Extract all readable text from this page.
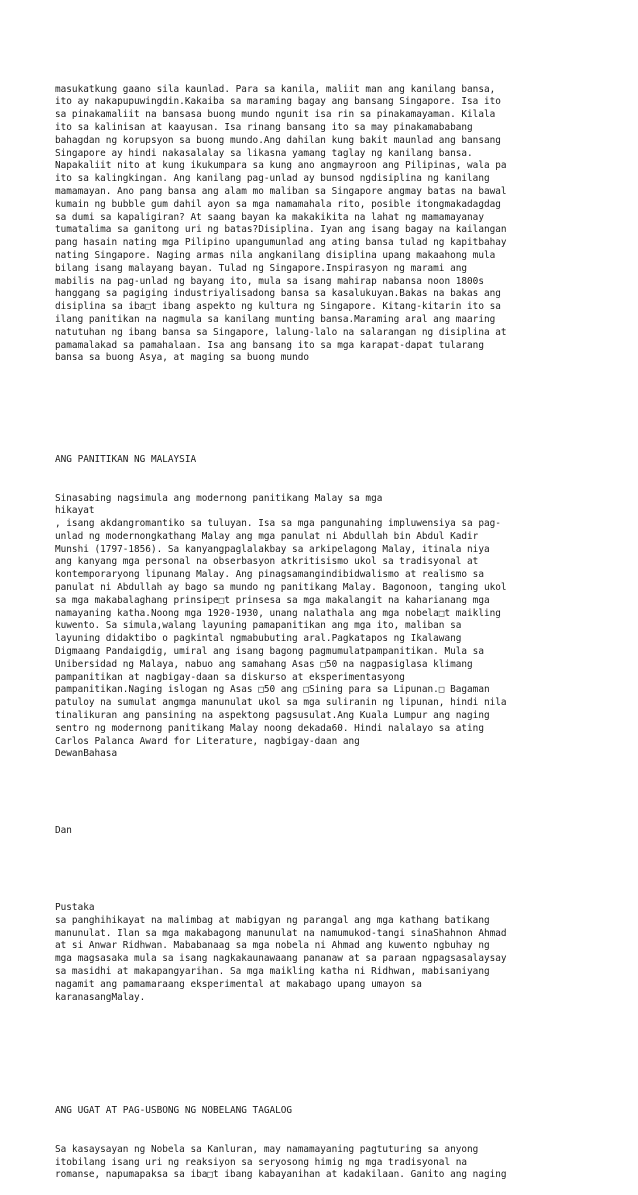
masukatkung gaano sila kaunlad. Para sa kanila, maliit man ang kanilang bansa,
ito ay nakapupuwingdin.Kakaiba sa maraming bagay ang bansang Singapore. Isa ito
sa pinakamaliit na bansasa buong mundo ngunit isa rin sa pinakamayaman. Kilala
ito sa kalinisan at kaayusan. Isa rinang bansang ito sa may pinakamababang
bahagdan ng korupsyon sa buong mundo.Ang dahilan kung bakit maunlad ang bansang
Singapore ay hindi nakasalalay sa likasna yamang taglay ng kanilang bansa.
Napakaliit nito at kung ikukumpara sa kung ano angmayroon ang Pilipinas, wala pa
ito sa kalingkingan. Ang kanilang pag-unlad ay bunsod ngdisiplina ng kanilang
mamamayan. Ano pang bansa ang alam mo maliban sa Singapore angmay batas na bawal
kumain ng bubble gum dahil ayon sa mga namamahala rito, posible itongmakadagdag
sa dumi sa kapaligiran? At saang bayan ka makakikita na lahat ng mamamayanay
tumatalima sa ganitong uri ng batas?Disiplina. Iyan ang isang bagay na kailangan
pang hasain nating mga Pilipino upangumunlad ang ating bansa tulad ng kapitbahay
nating Singapore. Naging armas nila angkanilang disiplina upang makaahong mula
bilang isang malayang bayan. Tulad ng Singapore.Inspirasyon ng marami ang
mabilis na pag-unlad ng bayang ito, mula sa isang mahirap nabansa noon 1800s
hanggang sa pagiging industriyalisadong bansa sa kasalukuyan.Bakas na bakas ang
disiplina sa iba□t ibang aspekto ng kultura ng Singapore. Kitang-kitarin ito sa
ilang panitikan na nagmula sa kanilang munting bansa.Maraming aral ang maaring
natutuhan ng ibang bansa sa Singapore, lalung-lalo na salarangan ng disiplina at
pamamalakad sa pamahalaan. Isa ang bansang ito sa mga karapat-dapat tularang
bansa sa buong Asya, at maging sa buong mundo

ANG PANITIKAN NG MALAYSIA

Sinasabing nagsimula ang modernong panitikang Malay sa mga
hikayat
, isang akdangromantiko sa tuluyan. Isa sa mga pangunahing impluwensiya sa pag-
unlad ng modernongkathang Malay ang mga panulat ni Abdullah bin Abdul Kadir
Munshi (1797-1856). Sa kanyangpaglalakbay sa arkipelagong Malay, itinala niya
ang kanyang mga personal na obserbasyon atkritisismo ukol sa tradisyonal at
kontemporaryong lipunang Malay. Ang pinagsamangindibidwalismo at realismo sa
panulat ni Abdullah ay bago sa mundo ng panitikang Malay. Bagonoon, tanging ukol
sa mga makabalaghang prinsipe□t prinsesa sa mga makalangit na kaharianang mga
namayaning katha.Noong mga 1920-1930, unang nalathala ang mga nobela□t maikling
kuwento. Sa simula,walang layuning pamapanitikan ang mga ito, maliban sa
layuning didaktibo o pagkintal ngmabubuting aral.Pagkatapos ng Ikalawang
Digmaang Pandaigdig, umiral ang isang bagong pagmumulatpampanitikan. Mula sa
Unibersidad ng Malaya, nabuo ang samahang Asas □50 na nagpasiglasa klimang
pampanitikan at nagbigay-daan sa diskurso at eksperimentasyong
pampanitikan.Naging islogan ng Asas □50 ang □Sining para sa Lipunan.□ Bagaman
patuloy na sumulat angmga manunulat ukol sa mga suliranin ng lipunan, hindi nila
tinalikuran ang pansining na aspektong pagsusulat.Ang Kuala Lumpur ang naging
sentro ng modernong panitikang Malay noong dekada60. Hindi nalalayo sa ating
Carlos Palanca Award for Literature, nagbigay-daan ang
DewanBahasa

Dan

Pustaka
sa panghihikayat na malimbag at mabigyan ng parangal ang mga kathang batikang
manunulat. Ilan sa mga makabagong manunulat na namumukod-tangi sinaShahnon Ahmad
at si Anwar Ridhwan. Mababanaag sa mga nobela ni Ahmad ang kuwento ngbuhay ng
mga magsasaka mula sa isang nagkakaunawaang pananaw at sa paraan ngpagsasalaysay
sa masidhi at makapangyarihan. Sa mga maikling katha ni Ridhwan, mabisaniyang
nagamit ang pamamaraang eksperimental at makabago upang umayon sa
karanasangMalay.

ANG UGAT AT PAG-USBONG NG NOBELANG TAGALOG

Sa kasaysayan ng Nobela sa Kanluran, may namamayaning pagtuturing sa anyong
itobilang isang uri ng reaksiyon sa seryosong himig ng mga tradisyonal na
romanse, napumapaksa sa iba□t ibang kabayanihan at kadakilaan. Ganito ang naging
